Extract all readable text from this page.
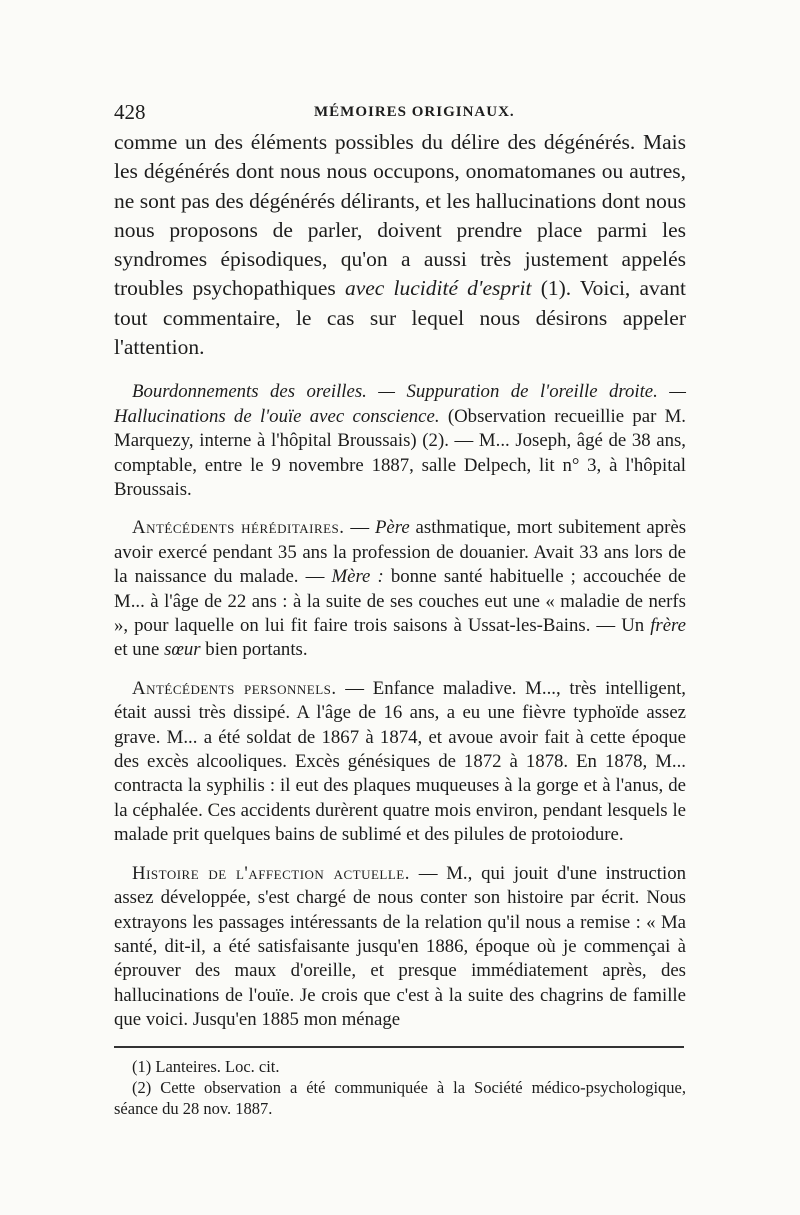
428	MÉMOIRES ORIGINAUX.

comme un des éléments possibles du délire des dégénérés. Mais les dégénérés dont nous nous occupons, onomatomanes ou autres, ne sont pas des dégénérés délirants, et les hallucinations dont nous nous proposons de parler, doivent prendre place parmi les syndromes épisodiques, qu'on a aussi très justement appelés troubles psychopathiques avec lucidité d'esprit (1). Voici, avant tout commentaire, le cas sur lequel nous désirons appeler l'attention.

Bourdonnements des oreilles. — Suppuration de l'oreille droite. — Hallucinations de l'ouïe avec conscience. (Observation recueillie par M. Marquezy, interne à l'hôpital Broussais) (2). — M... Joseph, âgé de 38 ans, comptable, entre le 9 novembre 1887, salle Delpech, lit n° 3, à l'hôpital Broussais.

Antécédents héréditaires. — Père asthmatique, mort subitement après avoir exercé pendant 35 ans la profession de douanier. Avait 33 ans lors de la naissance du malade. — Mère : bonne santé habituelle ; accouchée de M... à l'âge de 22 ans : à la suite de ses couches eut une « maladie de nerfs », pour laquelle on lui fit faire trois saisons à Ussat-les-Bains. — Un frère et une sœur bien portants.

Antécédents personnels. — Enfance maladive. M..., très intelligent, était aussi très dissipé. A l'âge de 16 ans, a eu une fièvre typhoïde assez grave. M... a été soldat de 1867 à 1874, et avoue avoir fait à cette époque des excès alcooliques. Excès génésiques de 1872 à 1878. En 1878, M... contracta la syphilis : il eut des plaques muqueuses à la gorge et à l'anus, de la céphalée. Ces accidents durèrent quatre mois environ, pendant lesquels le malade prit quelques bains de sublimé et des pilules de protoiodure.

Histoire de l'affection actuelle. — M., qui jouit d'une instruction assez développée, s'est chargé de nous conter son histoire par écrit. Nous extrayons les passages intéressants de la relation qu'il nous a remise : « Ma santé, dit-il, a été satisfaisante jusqu'en 1886, époque où je commençai à éprouver des maux d'oreille, et presque immédiatement après, des hallucinations de l'ouïe. Je crois que c'est à la suite des chagrins de famille que voici. Jusqu'en 1885 mon ménage

(1) Lanteires. Loc. cit.

(2) Cette observation a été communiquée à la Société médico-psychologique, séance du 28 nov. 1887.
